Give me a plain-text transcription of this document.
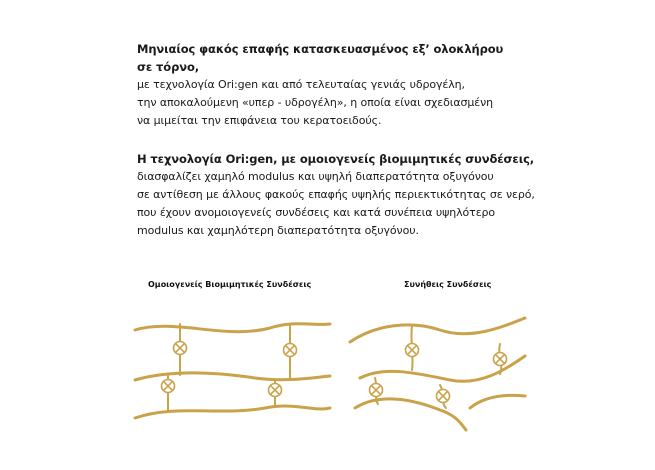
Μηνιαίος φακός επαφής κατασκευασμένος εξ’ ολοκλήρου
σε τόρνο,
με τεχνολογία Ori:gen και από τελευταίας γενιάς υδρογέλη,
την αποκαλούμενη «υπερ - υδρογέλη», η οποία είναι σχεδιασμένη
να μιμείται την επιφάνεια του κερατοειδούς.
Η τεχνολογία Ori:gen, με ομοιογενείς βιομιμητικές συνδέσεις,
διασφαλίζει χαμηλό modulus και υψηλή διαπερατότητα οξυγόνου
σε αντίθεση με άλλους φακούς επαφής υψηλής περιεκτικότητας σε νερό,
που έχουν ανομοιογενείς συνδέσεις και κατά συνέπεια υψηλότερο
modulus και χαμηλότερη διαπερατότητα οξυγόνου.
Ομοιογενείς Βιομιμητικές Συνδέσεις	Συνήθεις Συνδέσεις
